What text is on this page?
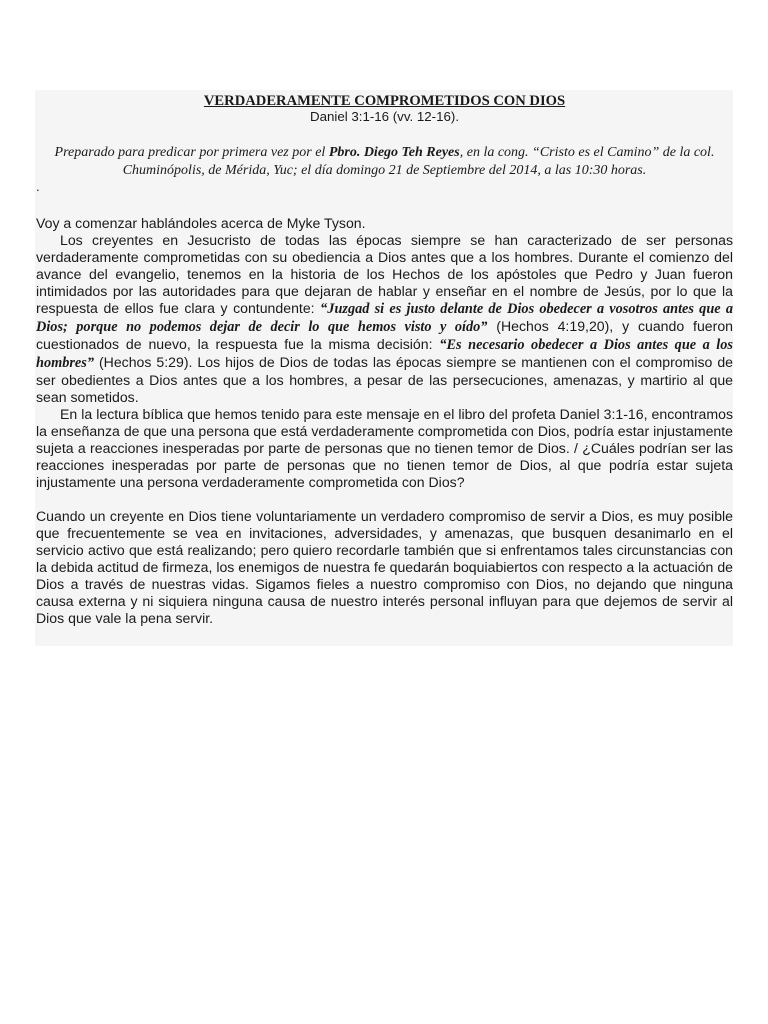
VERDADERAMENTE COMPROMETIDOS CON DIOS
Daniel 3:1-16 (vv. 12-16).
Preparado para predicar por primera vez por el Pbro. Diego Teh Reyes, en la cong. “Cristo es el Camino” de la col. Chuminópolis, de Mérida, Yuc; el día domingo 21 de Septiembre del 2014, a las 10:30 horas.
.
Voy a comenzar hablándoles acerca de Myke Tyson.
Los creyentes en Jesucristo de todas las épocas siempre se han caracterizado de ser personas verdaderamente comprometidas con su obediencia a Dios antes que a los hombres. Durante el comienzo del avance del evangelio, tenemos en la historia de los Hechos de los apóstoles que Pedro y Juan fueron intimidados por las autoridades para que dejaran de hablar y enseñar en el nombre de Jesús, por lo que la respuesta de ellos fue clara y contundente: “Juzgad si es justo delante de Dios obedecer a vosotros antes que a Dios; porque no podemos dejar de decir lo que hemos visto y oído” (Hechos 4:19,20), y cuando fueron cuestionados de nuevo, la respuesta fue la misma decisión: “Es necesario obedecer a Dios antes que a los hombres” (Hechos 5:29). Los hijos de Dios de todas las épocas siempre se mantienen con el compromiso de ser obedientes a Dios antes que a los hombres, a pesar de las persecuciones, amenazas, y martirio al que sean sometidos.
En la lectura bíblica que hemos tenido para este mensaje en el libro del profeta Daniel 3:1-16, encontramos la enseñanza de que una persona que está verdaderamente comprometida con Dios, podría estar injustamente sujeta a reacciones inesperadas por parte de personas que no tienen temor de Dios. / ¿Cuáles podrían ser las reacciones inesperadas por parte de personas que no tienen temor de Dios, al que podría estar sujeta injustamente una persona verdaderamente comprometida con Dios?
Cuando un creyente en Dios tiene voluntariamente un verdadero compromiso de servir a Dios, es muy posible que frecuentemente se vea en invitaciones, adversidades, y amenazas, que busquen desanimarlo en el servicio activo que está realizando; pero quiero recordarle también que si enfrentamos tales circunstancias con la debida actitud de firmeza, los enemigos de nuestra fe quedarán boquiabiertos con respecto a la actuación de Dios a través de nuestras vidas. Sigamos fieles a nuestro compromiso con Dios, no dejando que ninguna causa externa y ni siquiera ninguna causa de nuestro interés personal influyan para que dejemos de servir al Dios que vale la pena servir.
